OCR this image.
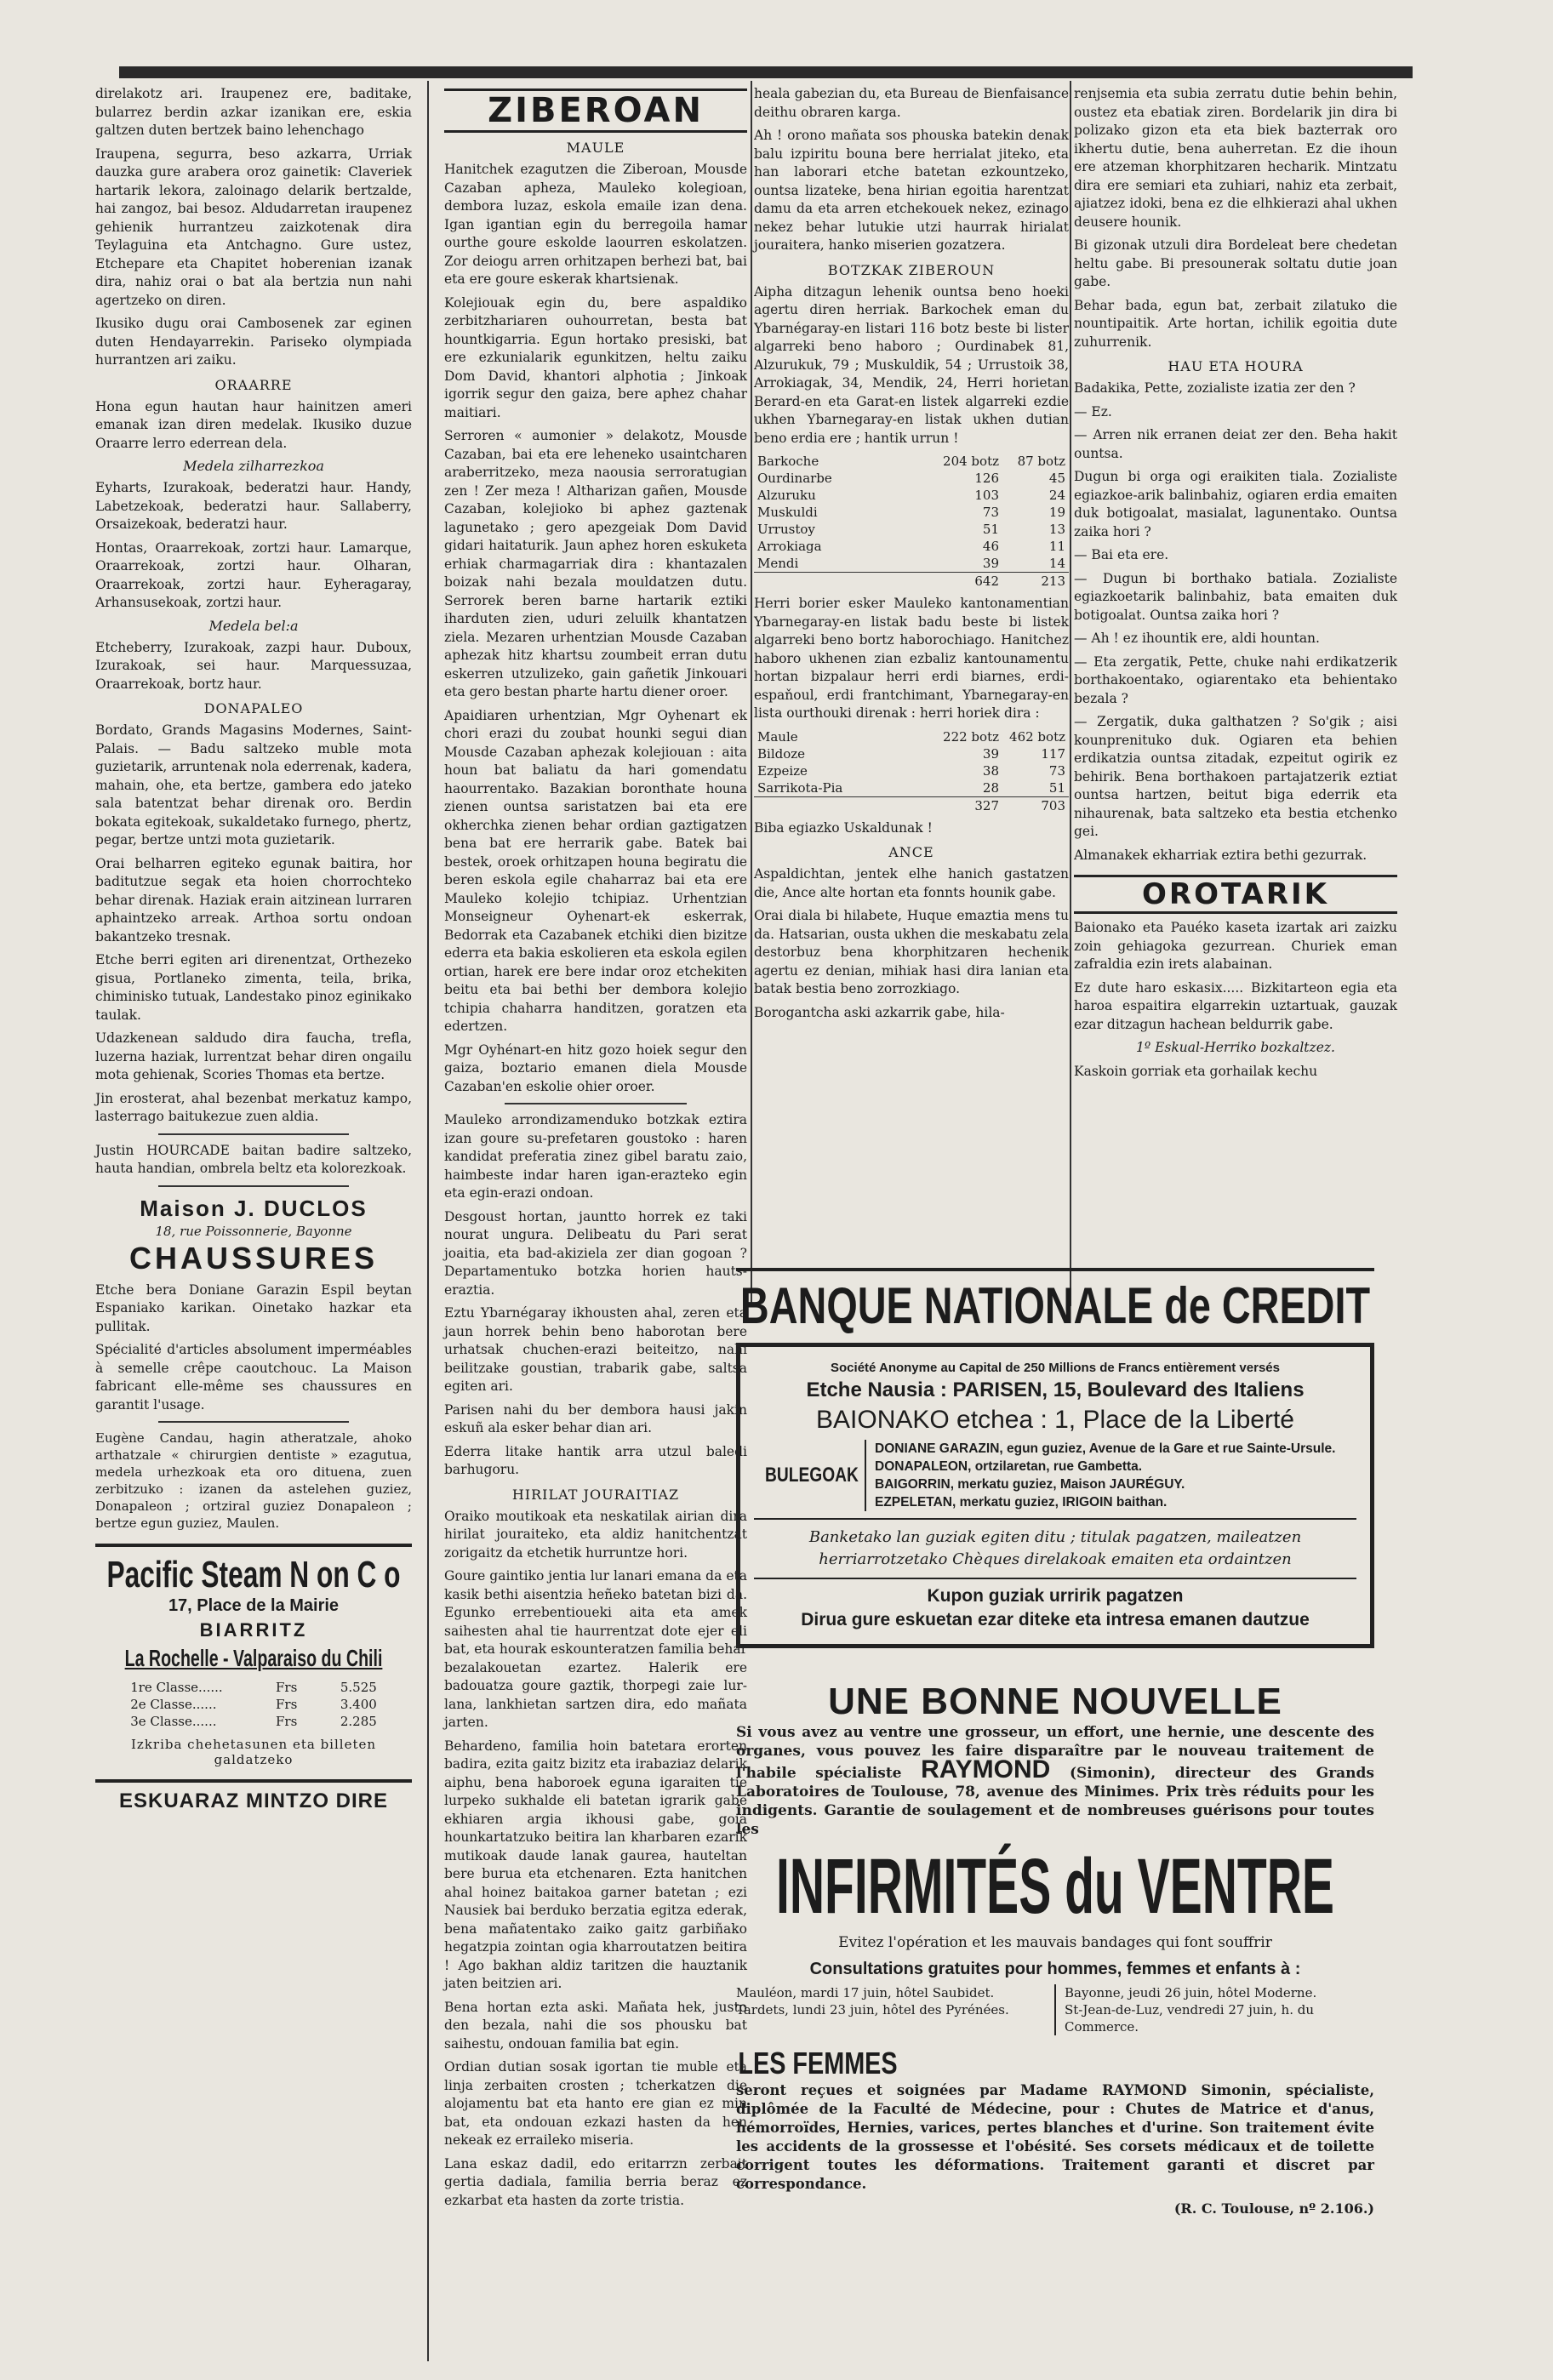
direlakotz ari. Iraupenez ere, baditake, bularrez berdin azkar izanikan ere, eskia galtzen duten bertzek baino lehenchago

Iraupena, segurra, beso azkarra, Urriak dauzka gure arabera oroz gainetik: Claveriek hartarik lekora, zaloinago delarik bertzalde, hai zangoz, bai besoz. Aldudarretan iraupenez gehienik hurrantzeu zaizkotenak dira Teylaguina eta Antchagno. Gure ustez, Etchepare eta Chapitet hoberenian izanak dira, nahiz orai o bat ala bertzia nun nahi agertzeko on diren.

Ikusiko dugu orai Cambosenek zar eginen duten Hendayarrekin. Pariseko olympiada hurrantzen ari zaiku.

ORAARRE

Hona egun hautan haur hainitzen ameri emanak izan diren medelak. Ikusiko duzue Oraarre lerro ederrean dela.

Medela zilharrezkoa

Eyharts, Izurakoak, bederatzi haur. Handy, Labetzekoak, bederatzi haur. Sallaberry, Orsaizekoak, bederatzi haur.

Hontas, Oraarrekoak, zortzi haur. Lamarque, Oraarrekoak, zortzi haur. Olharan, Oraarrekoak, zortzi haur. Eyheragaray, Arhansusekoak, zortzi haur.

Medela bel:a

Etcheberry, Izurakoak, zazpi haur. Duboux, Izurakoak, sei haur. Marquessuzaa, Oraarrekoak, bortz haur.

DONAPALEO

Bordato, Grands Magasins Modernes, Saint-Palais. — Badu saltzeko muble mota guzietarik, arruntenak nola ederrenak, kadera, mahain, ohe, eta bertze, gambera edo jateko sala batentzat behar direnak oro. Berdin bokata egitekoak, sukaldetako furnego, phertz, pegar, bertze untzi mota guzietarik.

Orai belharren egiteko egunak baitira, hor baditutzue segak eta hoien chorrochteko behar direnak. Haziak erain aitzinean lurraren aphaintzeko arreak. Arthoa sortu ondoan bakantzeko tresnak.

Etche berri egiten ari direnentzat, Orthezeko gisua, Portlaneko zimenta, teila, brika, chiminisko tutuak, Landestako pinoz eginikako taulak.

Udazkenean saldudo dira faucha, trefla, luzerna haziak, lurrentzat behar diren ongailu mota gehienak, Scories Thomas eta bertze.

Jin erosterat, ahal bezenbat merkatuz kampo, lasterrago baitukezue zuen aldia.

Justin HOURCADE baitan badire saltzeko, hauta handian, ombrela beltz eta kolorezkoak.

Maison J. DUCLOS
18, rue Poissonnerie, Bayonne
CHAUSSURES

Etche bera Doniane Garazin Espil beytan Espaniako karikan. Oinetako hazkar eta pullitak.

Spécialité d'articles absolument imperméables à semelle crêpe caoutchouc. La Maison fabricant elle-même ses chaussures en garantit l'usage.

Eugène Candau, hagin atheratzale, ahoko arthatzale « chirurgien dentiste » ezagutua, medela urhezkoak eta oro dituena, zuen zerbitzuko : izanen da astelehen guziez, Donapaleon ; ortziral guziez Donapaleon ; bertze egun guziez, Maulen.

Pacific Steam N on C o
17, Place de la Mairie
BIARRITZ
La Rochelle - Valparaiso du Chili
1re Classe......	Frs	5.525
2e Classe......	Frs	3.400
3e Classe......	Frs	2.285
Izkriba chehetasunen eta billeten galdatzeko
ESKUARAZ MINTZO DIRE
ZIBEROAN
MAULE

Hanitchek ezagutzen die Ziberoan, Mousde Cazaban apheza, Mauleko kolegioan, dembora luzaz, eskola emaile izan dena. Igan igantian egin du berregoila hamar ourthe goure eskolde laourren eskolatzen. Zor deiogu arren orhitzapen berhezi bat, bai eta ere goure eskerak khartsienak.

Kolejiouak egin du, bere aspaldiko zerbitzhariaren ouhourretan, besta bat hountkigarria. Egun hortako presiski, bat ere ezkunialarik egunkitzen, heltu zaiku Dom David, khantori alphotia ; Jinkoak igorrik segur den gaiza, bere aphez chahar maitiari.

Serroren « aumonier » delakotz, Mousde Cazaban, bai eta ere leheneko usaintcharen araberritzeko, meza naousia serroratugian zen ! Zer meza ! Altharizan gañen, Mousde Cazaban, kolejioko bi aphez gaztenak lagunetako ; gero apezgeiak Dom David gidari haitaturik. Jaun aphez horen eskuketa erhiak charmagarriak dira : khantazalen boizak nahi bezala mouldatzen dutu. Serrorek beren barne hartarik eztiki iharduten zien, uduri zeluilk khantatzen ziela. Mezaren urhentzian Mousde Cazaban aphezak hitz khartsu zoumbeit erran dutu eskerren utzulizeko, gain gañetik Jinkouari eta gero bestan pharte hartu diener oroer.

Apaidiaren urhentzian, Mgr Oyhenart ek chori erazi du zoubat hounki segui dian Mousde Cazaban aphezak kolejiouan : aita houn bat baliatu da hari gomendatu haourrentako. Bazakian boronthate houna zienen ountsa saristatzen bai eta ere okherchka zienen behar ordian gaztigatzen bena bat ere herrarik gabe. Batek bai bestek, oroek orhitzapen houna begiratu die beren eskola egile chaharraz bai eta ere Mauleko kolejio tchipiaz. Urhentzian Monseigneur Oyhenart-ek eskerrak, Bedorrak eta Cazabanek etchiki dien bizitze ederra eta bakia eskolieren eta eskola egilen ortian, harek ere bere indar oroz etchekiten beitu eta bai bethi ber dembora kolejio tchipia chaharra handitzen, goratzen eta edertzen.

Mgr Oyhénart-en hitz gozo hoiek segur den gaiza, boztario emanen diela Mousde Cazaban'en eskolie ohier oroer.

Mauleko arrondizamenduko botzkak eztira izan goure su-prefetaren goustoko : haren kandidat preferatia zinez gibel baratu zaio, haimbeste indar haren igan-erazteko egin eta egin-erazi ondoan.

Desgoust hortan, jauntto horrek ez taki nourat ungura. Delibeatu du Pari serat joaitia, eta bad-akiziela zer dian gogoan ? Departamentuko botzka horien hauts-eraztia.

Eztu Ybarnégaray ikhousten ahal, zeren eta jaun horrek behin beno haborotan bere urhatsak chuchen-erazi beiteitzo, nahi beilitzake goustian, trabarik gabe, saltsa egiten ari.

Parisen nahi du ber dembora hausi jakin eskuñ ala esker behar dian ari.

Ederra litake hantik arra utzul baledi barhugoru.

HIRILAT JOURAITIAZ

Oraiko moutikoak eta neskatilak airian dira hirilat jouraiteko, eta aldiz hanitchentzat zorigaitz da etchetik hurruntze hori.

Goure gaintiko jentia lur lanari emana da eta kasik bethi aisentzia heñeko batetan bizi da. Egunko errebentioueki aita eta amek saihesten ahal tie haurrentzat dote ejer eli bat, eta hourak eskounteratzen familia behar bezalakouetan ezartez. Halerik ere badouatza goure gaztik, thorpegi zaie lur-lana, lankhietan sartzen dira, edo mañata jarten.

Behardeno, familia hoin batetara erorten badira, ezita gaitz bizitz eta irabaziaz delarik aiphu, bena haboroek eguna igaraiten tie lurpeko sukhalde eli batetan igrarik gabe ekhiaren argia ikhousi gabe, goia hounkartatzuko beitira lan kharbaren ezarik mutikoak daude lanak gaurea, hauteltan bere burua eta etchenaren. Ezta hanitchen ahal hoinez baitakoa garner batetan ; ezi Nausiek bai berduko berzatia egitza ederak, bena mañatentako zaiko gaitz garbiñako hegatzpia zointan ogia kharroutatzen beitira ! Ago bakhan aldiz taritzen die hauztanik jaten beitzien ari.

Bena hortan ezta aski. Mañata hek, justo den bezala, nahi die sos phousku bat saihestu, ondouan familia bat egin.

Ordian dutian sosak igortan tie muble eta linja zerbaiten crosten ; tcherkatzen die alojamentu bat eta hanto ere gian ez min bat, eta ondouan ezkazi hasten da hen nekeak ez erraileko miseria.

Lana eskaz dadil, edo eritarrzn zerbait gertia dadiala, familia berria beraz ez ezkarbat eta hasten da zorte tristia.

heala gabezian du, eta Bureau de Bienfaisance deithu obraren karga.

Ah ! orono mañata sos phouska batekin denak balu izpiritu bouna bere herrialat jiteko, eta han laborari etche batetan ezkountzeko, ountsa lizateke, bena hirian egoitia harentzat damu da eta arren etchekouek nekez, ezinago nekez behar lutukie utzi haurrak hirialat jouraitera, hanko miserien gozatzera.

BOTZKAK ZIBEROUN

Aipha ditzagun lehenik ountsa beno hoeki agertu diren herriak. Barkochek eman du Ybarnégaray-en listari 116 botz beste bi lister algarreki beno haboro ; Ourdinabek 81, Alzurukuk, 79 ; Muskuldik, 54 ; Urrustoik 38, Arrokiagak, 34, Mendik, 24, Herri horietan Berard-en eta Garat-en listek algarreki ezdie ukhen Ybarnegaray-en listak ukhen dutian beno erdia ere ; hantik urrun !

Barkoche	204 botz	87 botz
Ourdinarbe	126	45
Alzuruku	103	24
Muskuldi	73	19
Urrustoy	51	13
Arrokiaga	46	11
Mendi	39	14
	642	213

Herri borier esker Mauleko kantonamentian Ybarnegaray-en listak badu beste bi listek algarreki beno bortz haborochiago. Hanitchez haboro ukhenen zian ezbaliz kantounamentu hortan bizpalaur herri erdi biarnes, erdi-espaňoul, erdi frantchimant, Ybarnegaray-en lista ourthouki direnak : herri horiek dira :

Maule	222 botz	462 botz
Bildoze	39	117
Ezpeize	38	73
Sarrikota-Pia	28	51
	327	703

Biba egiazko Uskaldunak !

ANCE

Aspaldichtan, jentek elhe hanich gastatzen die, Ance alte hortan eta fonnts hounik gabe.

Orai diala bi hilabete, Huque emaztia mens tu da. Hatsarian, ousta ukhen die meskabatu zela destorbuz bena khorphitzaren hechenik agertu ez denian, mihiak hasi dira lanian eta batak bestia beno zorrozkiago.

Borogantcha aski azkarrik gabe, hila-

renjsemia eta subia zerratu dutie behin behin, oustez eta ebatiak ziren. Bordelarik jin dira bi polizako gizon eta eta biek bazterrak oro ikhertu dutie, bena auherretan. Ez die ihoun ere atzeman khorphitzaren hecharik. Mintzatu dira ere semiari eta zuhiari, nahiz eta zerbait, ajiatzez idoki, bena ez die elhkierazi ahal ukhen deusere hounik.

Bi gizonak utzuli dira Bordeleat bere chedetan heltu gabe. Bi presounerak soltatu dutie joan gabe.

Behar bada, egun bat, zerbait zilatuko die nountipaitik. Arte hortan, ichilik egoitia dute zuhurrenik.

HAU ETA HOURA

Badakika, Pette, zozialiste izatia zer den ?

— Ez.

— Arren nik erranen deiat zer den. Beha hakit ountsa.

Dugun bi orga ogi eraikiten tiala. Zozialiste egiazkoe-arik balinbahiz, ogiaren erdia emaiten duk botigoalat, masialat, lagunentako. Ountsa zaika hori ?

— Bai eta ere.

— Dugun bi borthako batiala. Zozialiste egiazkoetarik balinbahiz, bata emaiten duk botigoalat. Ountsa zaika hori ?

— Ah ! ez ihountik ere, aldi hountan.

— Eta zergatik, Pette, chuke nahi erdikatzerik borthakoentako, ogiarentako eta behientako bezala ?

— Zergatik, duka galthatzen ? So'gik ; aisi kounprenituko duk. Ogiaren eta behien erdikatzia ountsa zitadak, ezpeitut ogirik ez behirik. Bena borthakoen partajatzerik eztiat ountsa hartzen, beitut biga ederrik eta nihaurenak, bata saltzeko eta bestia etchenko gei.

Almanakek ekharriak eztira bethi gezurrak.

OROTARIK

Baionako eta Pauéko kaseta izartak ari zaizku zoin gehiagoka gezurrean. Churiek eman zafraldia ezin irets alabainan.

Ez dute haro eskasix..... Bizkitarteon egia eta haroa espaitira elgarrekin uztartuak, gauzak ezar ditzagun hachean beldurrik gabe.

1º Eskual-Herriko bozkaltzez.

Kaskoin gorriak eta gorhailak kechu

BANQUE NATIONALE de CREDIT
Société Anonyme au Capital de 250 Millions de Francs entièrement versés
Etche Nausia : PARISEN, 15, Boulevard des Italiens
BAIONAKO etchea : 1, Place de la Liberté
BULEGOAK
DONIANE GARAZIN, egun guziez, Avenue de la Gare et rue Sainte-Ursule.
DONAPALEON, ortzilaretan, rue Gambetta.
BAIGORRIN, merkatu guziez, Maison JAURÉGUY.
EZPELETAN, merkatu guziez, IRIGOIN baithan.
Banketako lan guziak egiten ditu ; titulak pagatzen, maileatzen herriarrotzetako Chèques direlakoak emaiten eta ordaintzen
Kupon guziak urririk pagatzen
Dirua gure eskuetan ezar diteke eta intresa emanen dautzue
UNE BONNE NOUVELLE

Si vous avez au ventre une grosseur, un effort, une hernie, une descente des organes, vous pouvez les faire disparaître par le nouveau traitement de l'habile spécialiste RAYMOND (Simonin), directeur des Grands Laboratoires de Toulouse, 78, avenue des Minimes. Prix très réduits pour les indigents. Garantie de soulagement et de nombreuses guérisons pour toutes les

INFIRMITÉS du VENTRE
Evitez l'opération et les mauvais bandages qui font souffrir
Consultations gratuites pour hommes, femmes et enfants à :
Mauléon, mardi 17 juin, hôtel Saubidet.
Tardets, lundi 23 juin, hôtel des Pyrénées.
Bayonne, jeudi 26 juin, hôtel Moderne.
St-Jean-de-Luz, vendredi 27 juin, h. du Commerce.
LES FEMMES

seront reçues et soignées par Madame RAYMOND Simonin, spécialiste, diplômée de la Faculté de Médecine, pour : Chutes de Matrice et d'anus, hémorroïdes, Hernies, varices, pertes blanches et d'urine. Son traitement évite les accidents de la grossesse et l'obésité. Ses corsets médicaux et de toilette corrigent toutes les déformations. Traitement garanti et discret par correspondance.

(R. C. Toulouse, nº 2.106.)
